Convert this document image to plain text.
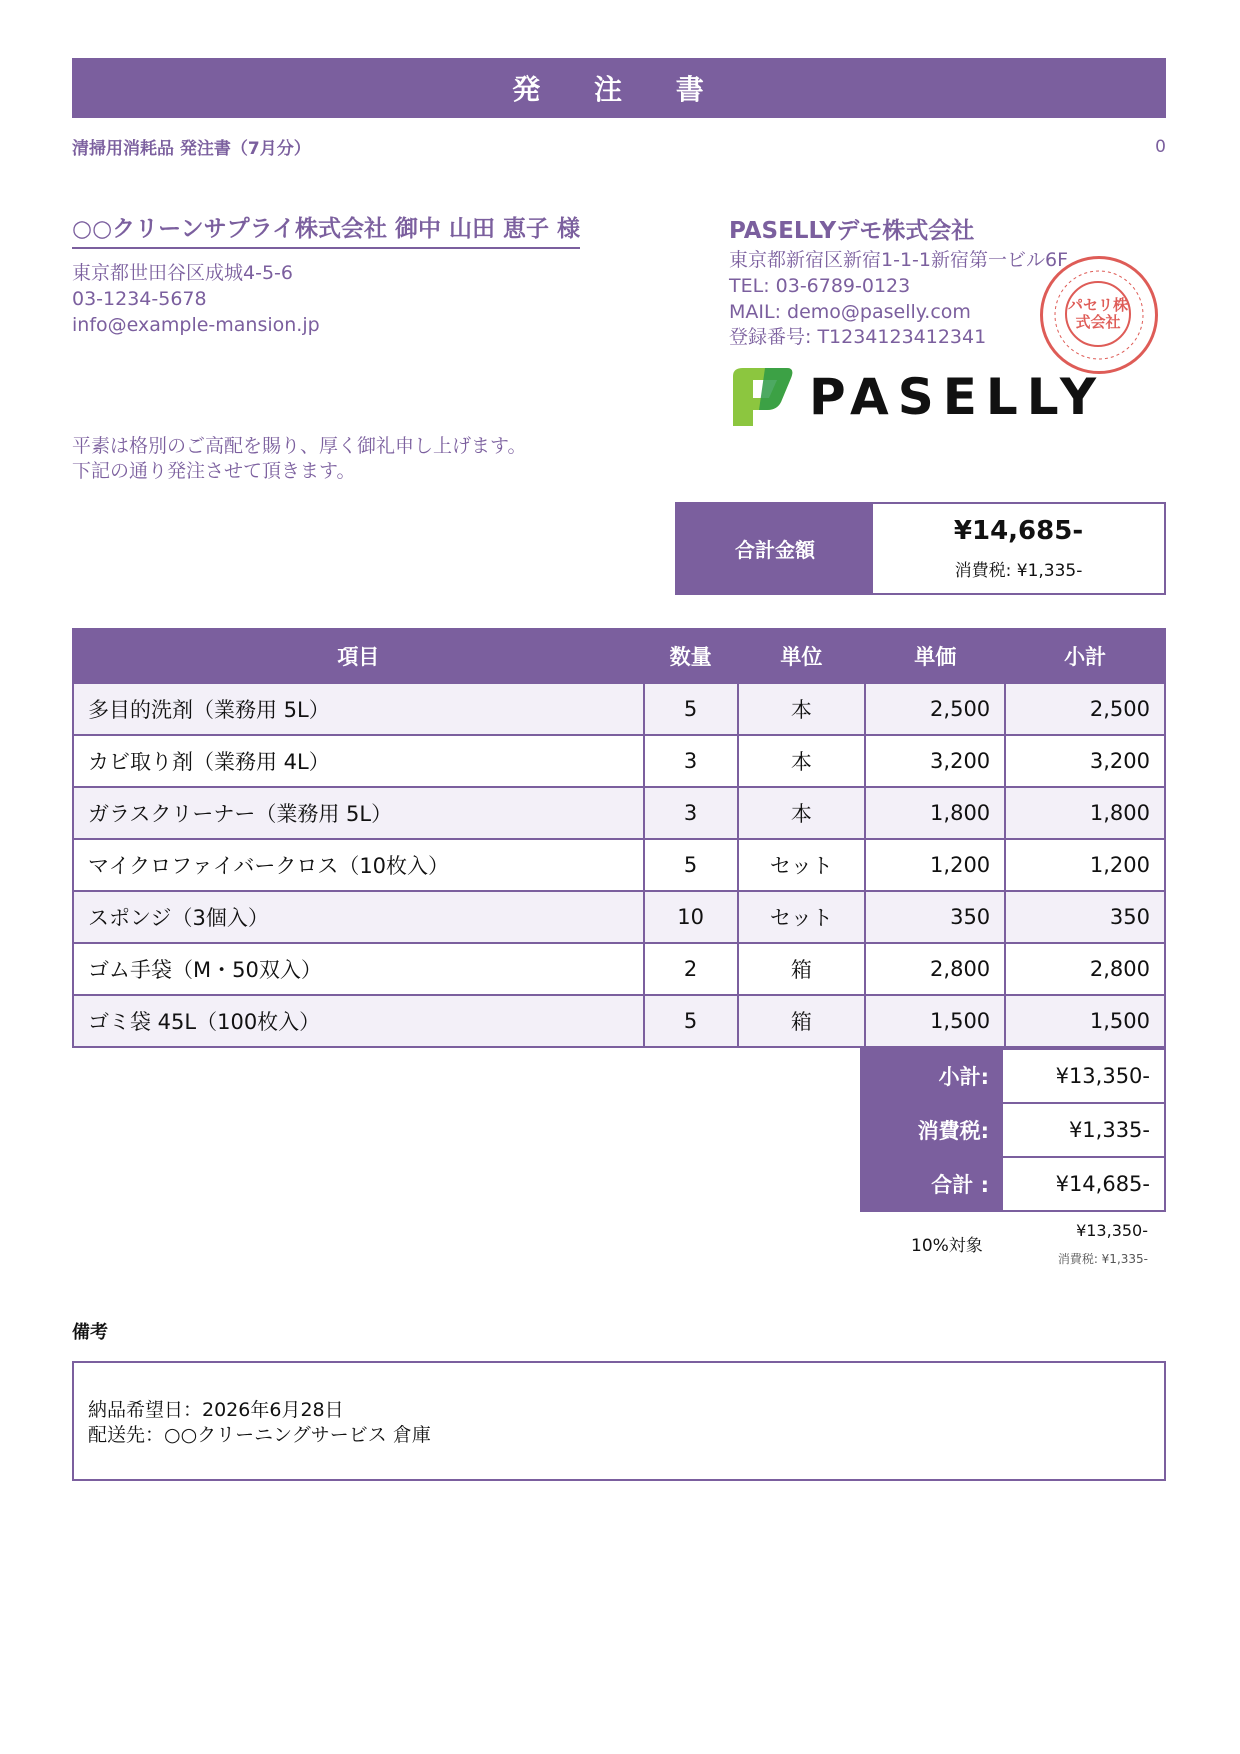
発 注 書
清掃用消耗品 発注書（7月分）	0
○○クリーンサプライ株式会社 御中 山田 恵子 様
東京都世田谷区成城4-5-6
03-1234-5678
info@example-mansion.jp
PASELLYデモ株式会社
東京都新宿区新宿1-1-1新宿第一ビル6F
TEL: 03-6789-0123
MAIL: demo@paselly.com
登録番号: T1234123412341
パセリ株式会社
PASELLY
平素は格別のご高配を賜り、厚く御礼申し上げます。
下記の通り発注させて頂きます。
合計金額
¥14,685-
消費税: ¥1,335-
項目	数量	単位	単価	小計
多目的洗剤（業務用 5L）	5	本	2,500	2,500
カビ取り剤（業務用 4L）	3	本	3,200	3,200
ガラスクリーナー（業務用 5L）	3	本	1,800	1,800
マイクロファイバークロス（10枚入）	5	セット	1,200	1,200
スポンジ（3個入）	10	セット	350	350
ゴム手袋（M・50双入）	2	箱	2,800	2,800
ゴミ袋 45L（100枚入）	5	箱	1,500	1,500
小計:	¥13,350-
消費税:	¥1,335-
合計 :	¥14,685-
10%対象
¥13,350-
消費税: ¥1,335-
備考
納品希望日：2026年6月28日
配送先：○○クリーニングサービス 倉庫
